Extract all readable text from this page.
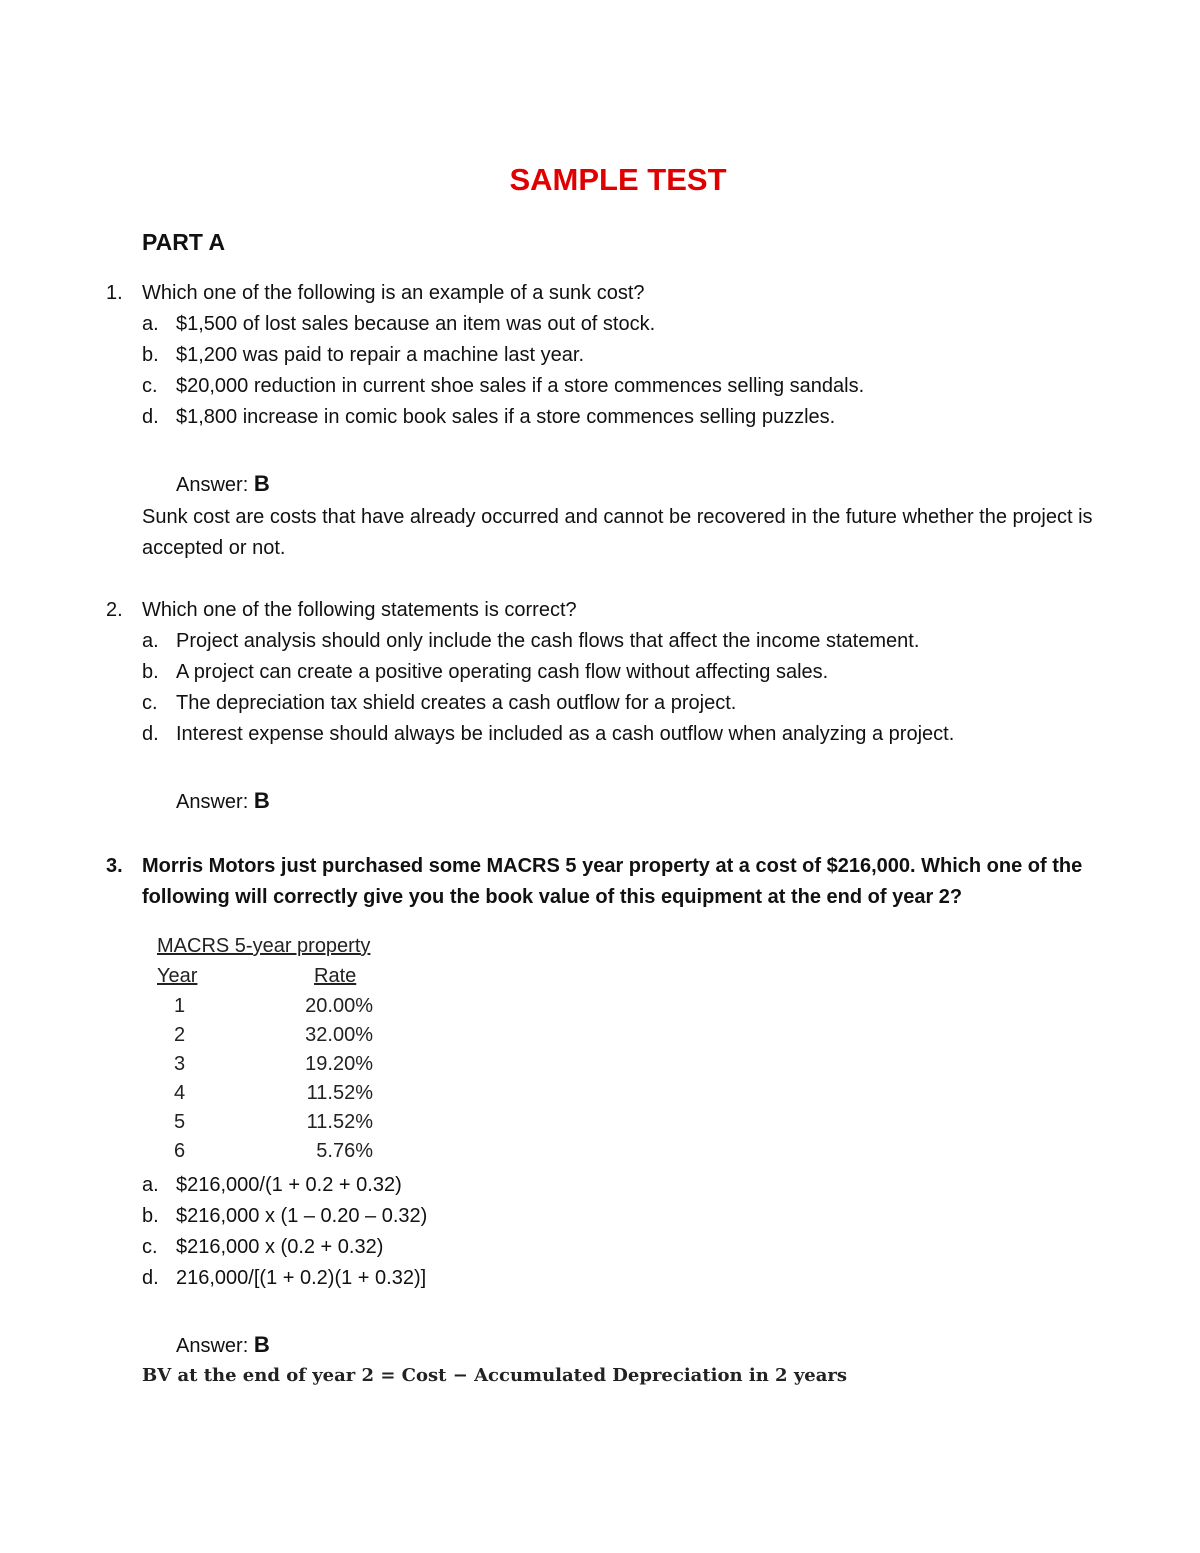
SAMPLE TEST
PART A
1. Which one of the following is an example of a sunk cost?
a. $1,500 of lost sales because an item was out of stock.
b. $1,200 was paid to repair a machine last year.
c. $20,000 reduction in current shoe sales if a store commences selling sandals.
d. $1,800 increase in comic book sales if a store commences selling puzzles.
Answer: B
Sunk cost are costs that have already occurred and cannot be recovered in the future whether the project is accepted or not.
2. Which one of the following statements is correct?
a. Project analysis should only include the cash flows that affect the income statement.
b. A project can create a positive operating cash flow without affecting sales.
c. The depreciation tax shield creates a cash outflow for a project.
d. Interest expense should always be included as a cash outflow when analyzing a project.
Answer: B
3. Morris Motors just purchased some MACRS 5 year property at a cost of $216,000. Which one of the following will correctly give you the book value of this equipment at the end of year 2?
MACRS 5-year property
Year	Rate
1	20.00%
2	32.00%
3	19.20%
4	11.52%
5	11.52%
6	5.76%
a. $216,000/(1 + 0.2 + 0.32)
b. $216,000 x (1 – 0.20 – 0.32)
c. $216,000 x (0.2 + 0.32)
d. 216,000/[(1 + 0.2)(1 + 0.32)]
Answer: B
BV at the end of year 2 = Cost − Accumulated Depreciation in 2 years
